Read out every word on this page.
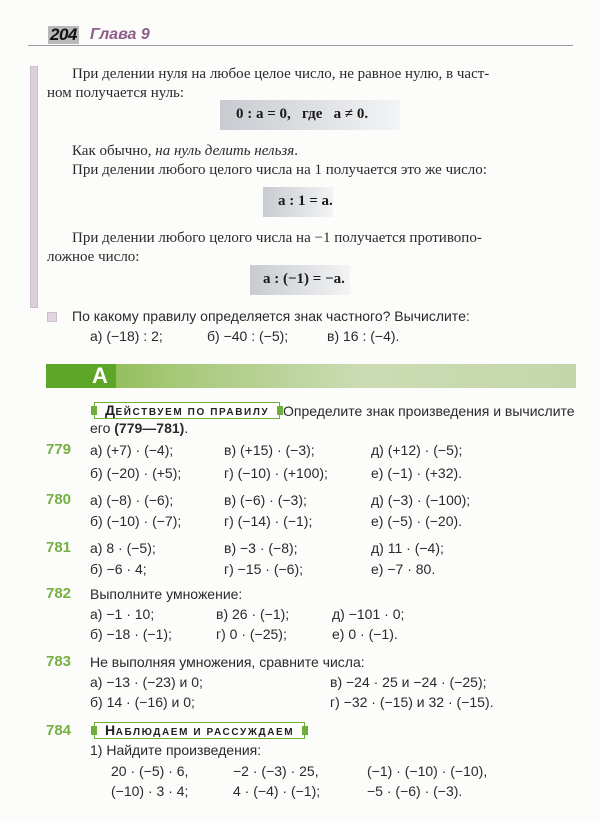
204 Глава 9
При делении нуля на любое целое число, не равное нулю, в част-
ном получается нуль:
0 : a = 0, где a ≠ 0.
Как обычно, на нуль делить нельзя.
При делении любого целого числа на 1 получается это же число:
a : 1 = a.
При делении любого целого числа на −1 получается противопо-
ложное число:
a : (−1) = −a.
По какому правилу определяется знак частного? Вычислите:
а) (−18) : 2;	б) −40 : (−5);	в) 16 : (−4).
А
ДЕЙСТВУЕМ ПО ПРАВИЛУ Определите знак произведения и вычислите
его (779—781).
779 а) (+7) · (−4);	в) (+15) · (−3);	д) (+12) · (−5);
б) (−20) · (+5);	г) (−10) · (+100);	е) (−1) · (+32).
780 а) (−8) · (−6);	в) (−6) · (−3);	д) (−3) · (−100);
б) (−10) · (−7);	г) (−14) · (−1);	е) (−5) · (−20).
781 а) 8 · (−5);	в) −3 · (−8);	д) 11 · (−4);
б) −6 · 4;	г) −15 · (−6);	е) −7 · 80.
782 Выполните умножение:
а) −1 · 10;	в) 26 · (−1);	д) −101 · 0;
б) −18 · (−1);	г) 0 · (−25);	е) 0 · (−1).
783 Не выполняя умножения, сравните числа:
а) −13 · (−23) и 0;	в) −24 · 25 и −24 · (−25);
б) 14 · (−16) и 0;	г) −32 · (−15) и 32 · (−15).
784	НАБЛЮДАЕМ И РАССУЖДАЕМ
1) Найдите произведения:
20 · (−5) · 6,	−2 · (−3) · 25,	(−1) · (−10) · (−10),
(−10) · 3 · 4;	4 · (−4) · (−1);	−5 · (−6) · (−3).
